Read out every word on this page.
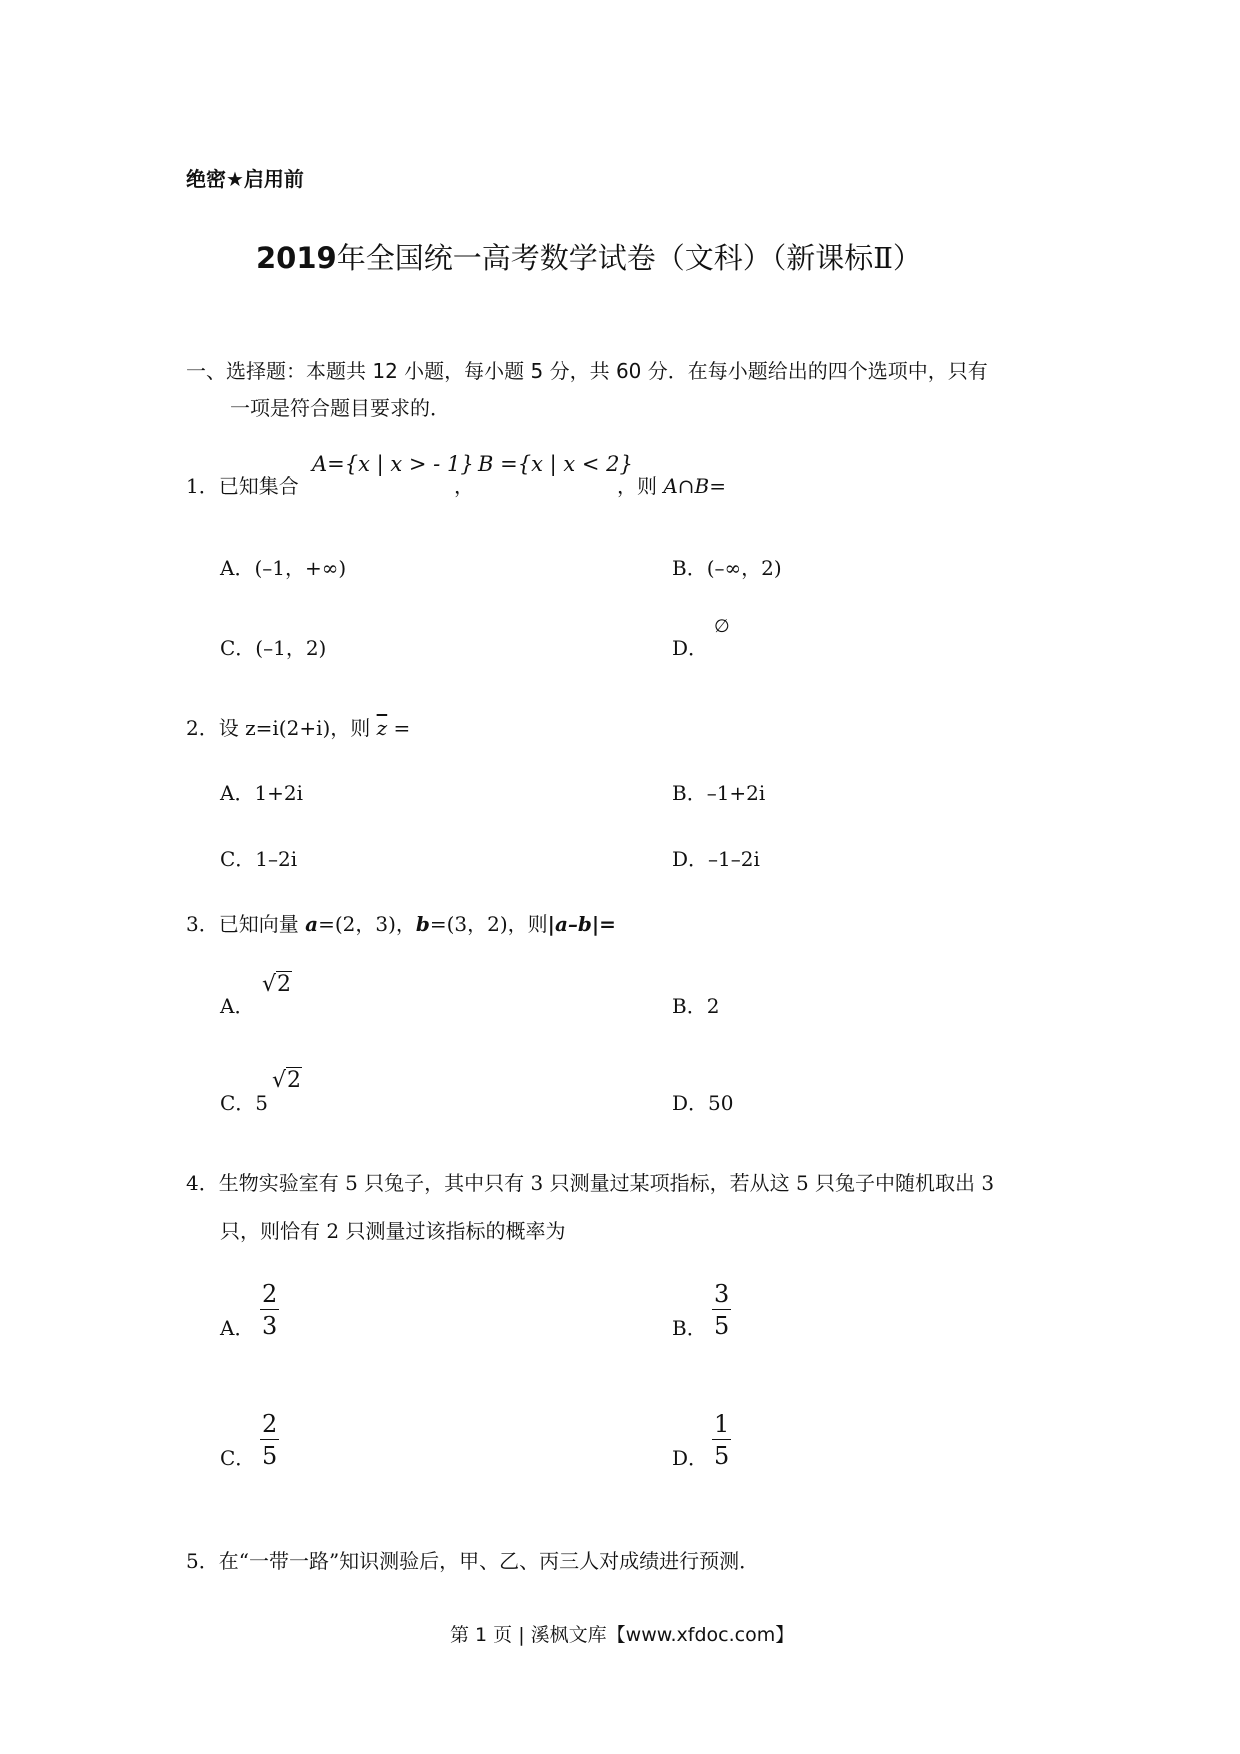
绝密★启用前
2019年全国统一高考数学试卷（文科）（新课标Ⅱ）
一、选择题：本题共 12 小题，每小题 5 分，共 60 分．在每小题给出的四个选项中，只有
一项是符合题目要求的．
1．已知集合
A={x | x > - 1}
，
B ={x | x < 2}
，则 A∩B=
A．(–1，+∞)	B．(–∞，2)
C．(–1，2)	D．
∅
2．设 z=i(2+i)，则 $\overline{z}$ =
A．1+2i	B．–1+2i
C．1–2i	D．–1–2i
3．已知向量 a=(2，3)，b=(3，2)，则|a–b|=
A．
√2
B．2
C．5
√2
D．50
4．生物实验室有 5 只兔子，其中只有 3 只测量过某项指标，若从这 5 只兔子中随机取出 3
只，则恰有 2 只测量过该指标的概率为
A． $\frac{2}{3}$	B． $\frac{3}{5}$
C． $\frac{2}{5}$	D． $\frac{1}{5}$
5．在“一带一路”知识测验后，甲、乙、丙三人对成绩进行预测．
第 1 页 | 溪枫文库【www.xfdoc.com】
